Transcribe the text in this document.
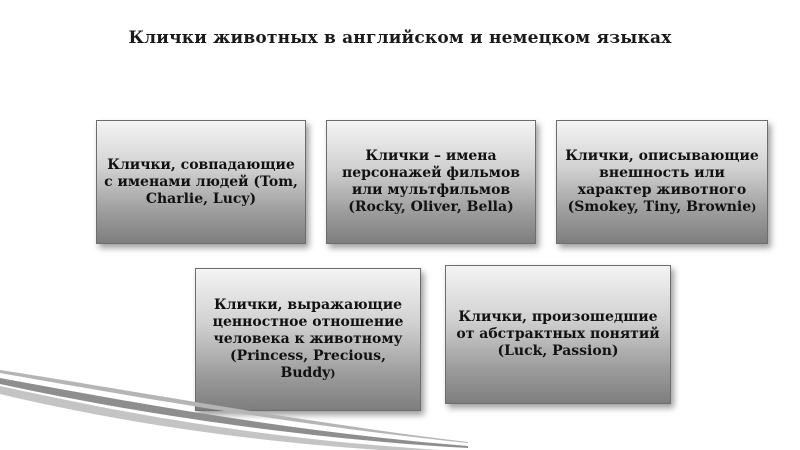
Клички животных в английском и немецком языках
Клички, совпадающие с именами людей (Tom, Charlie, Lucy)
Клички – имена персонажей фильмов или мультфильмов (Rocky, Oliver, Bella)
Клички, описывающие внешность или характер животного (Smokey, Tiny, Brownie)
Клички, выражающие ценностное отношение человека к животному (Princess, Precious, Buddy)
Клички, произошедшие от абстрактных понятий (Luck, Passion)
